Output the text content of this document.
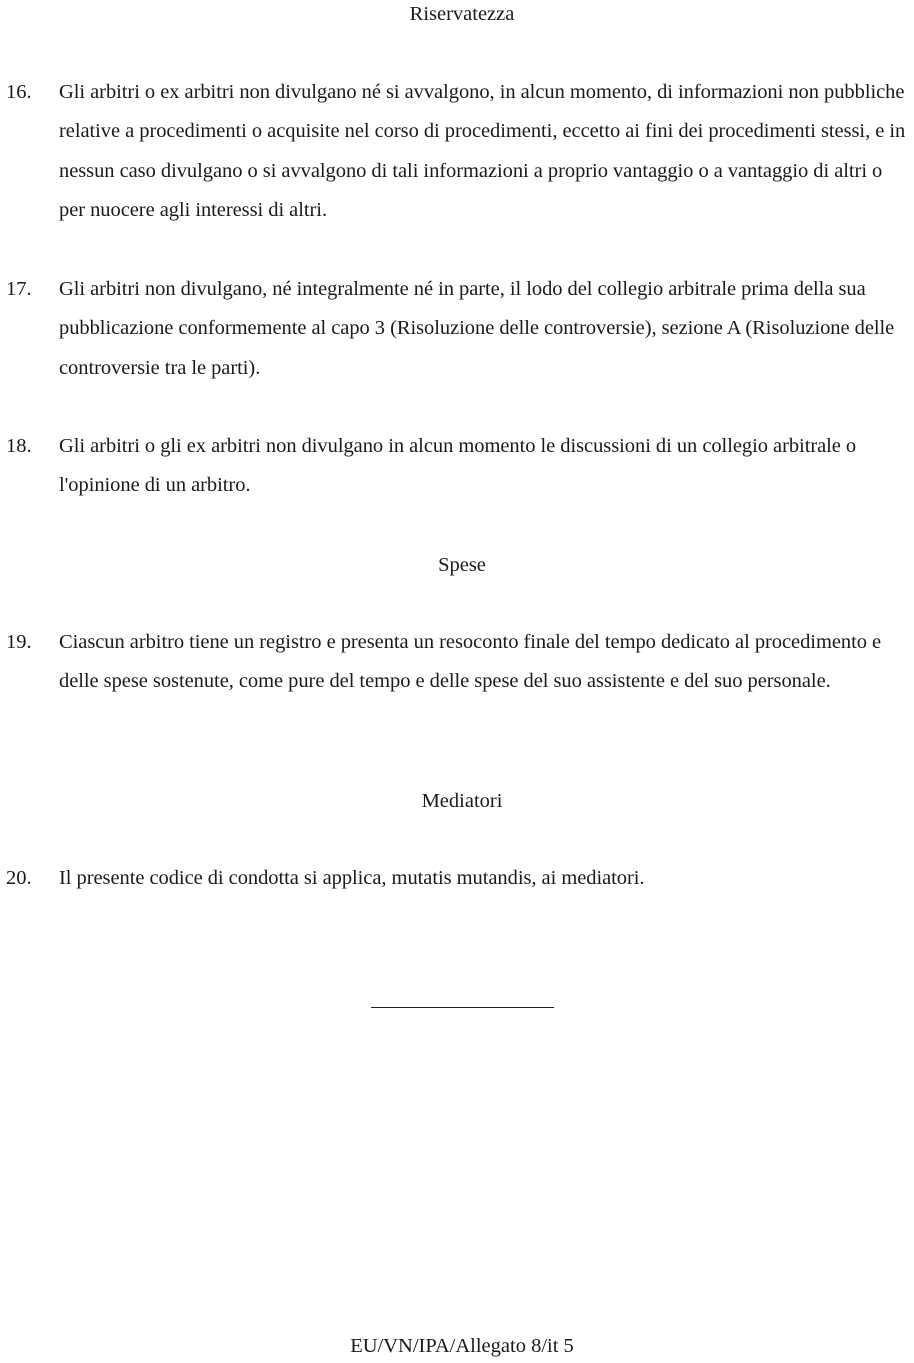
Riservatezza
16. Gli arbitri o ex arbitri non divulgano né si avvalgono, in alcun momento, di informazioni non pubbliche relative a procedimenti o acquisite nel corso di procedimenti, eccetto ai fini dei procedimenti stessi, e in nessun caso divulgano o si avvalgono di tali informazioni a proprio vantaggio o a vantaggio di altri o per nuocere agli interessi di altri.
17. Gli arbitri non divulgano, né integralmente né in parte, il lodo del collegio arbitrale prima della sua pubblicazione conformemente al capo 3 (Risoluzione delle controversie), sezione A (Risoluzione delle controversie tra le parti).
18. Gli arbitri o gli ex arbitri non divulgano in alcun momento le discussioni di un collegio arbitrale o l'opinione di un arbitro.
Spese
19. Ciascun arbitro tiene un registro e presenta un resoconto finale del tempo dedicato al procedimento e delle spese sostenute, come pure del tempo e delle spese del suo assistente e del suo personale.
Mediatori
20. Il presente codice di condotta si applica, mutatis mutandis, ai mediatori.
EU/VN/IPA/Allegato 8/it 5
